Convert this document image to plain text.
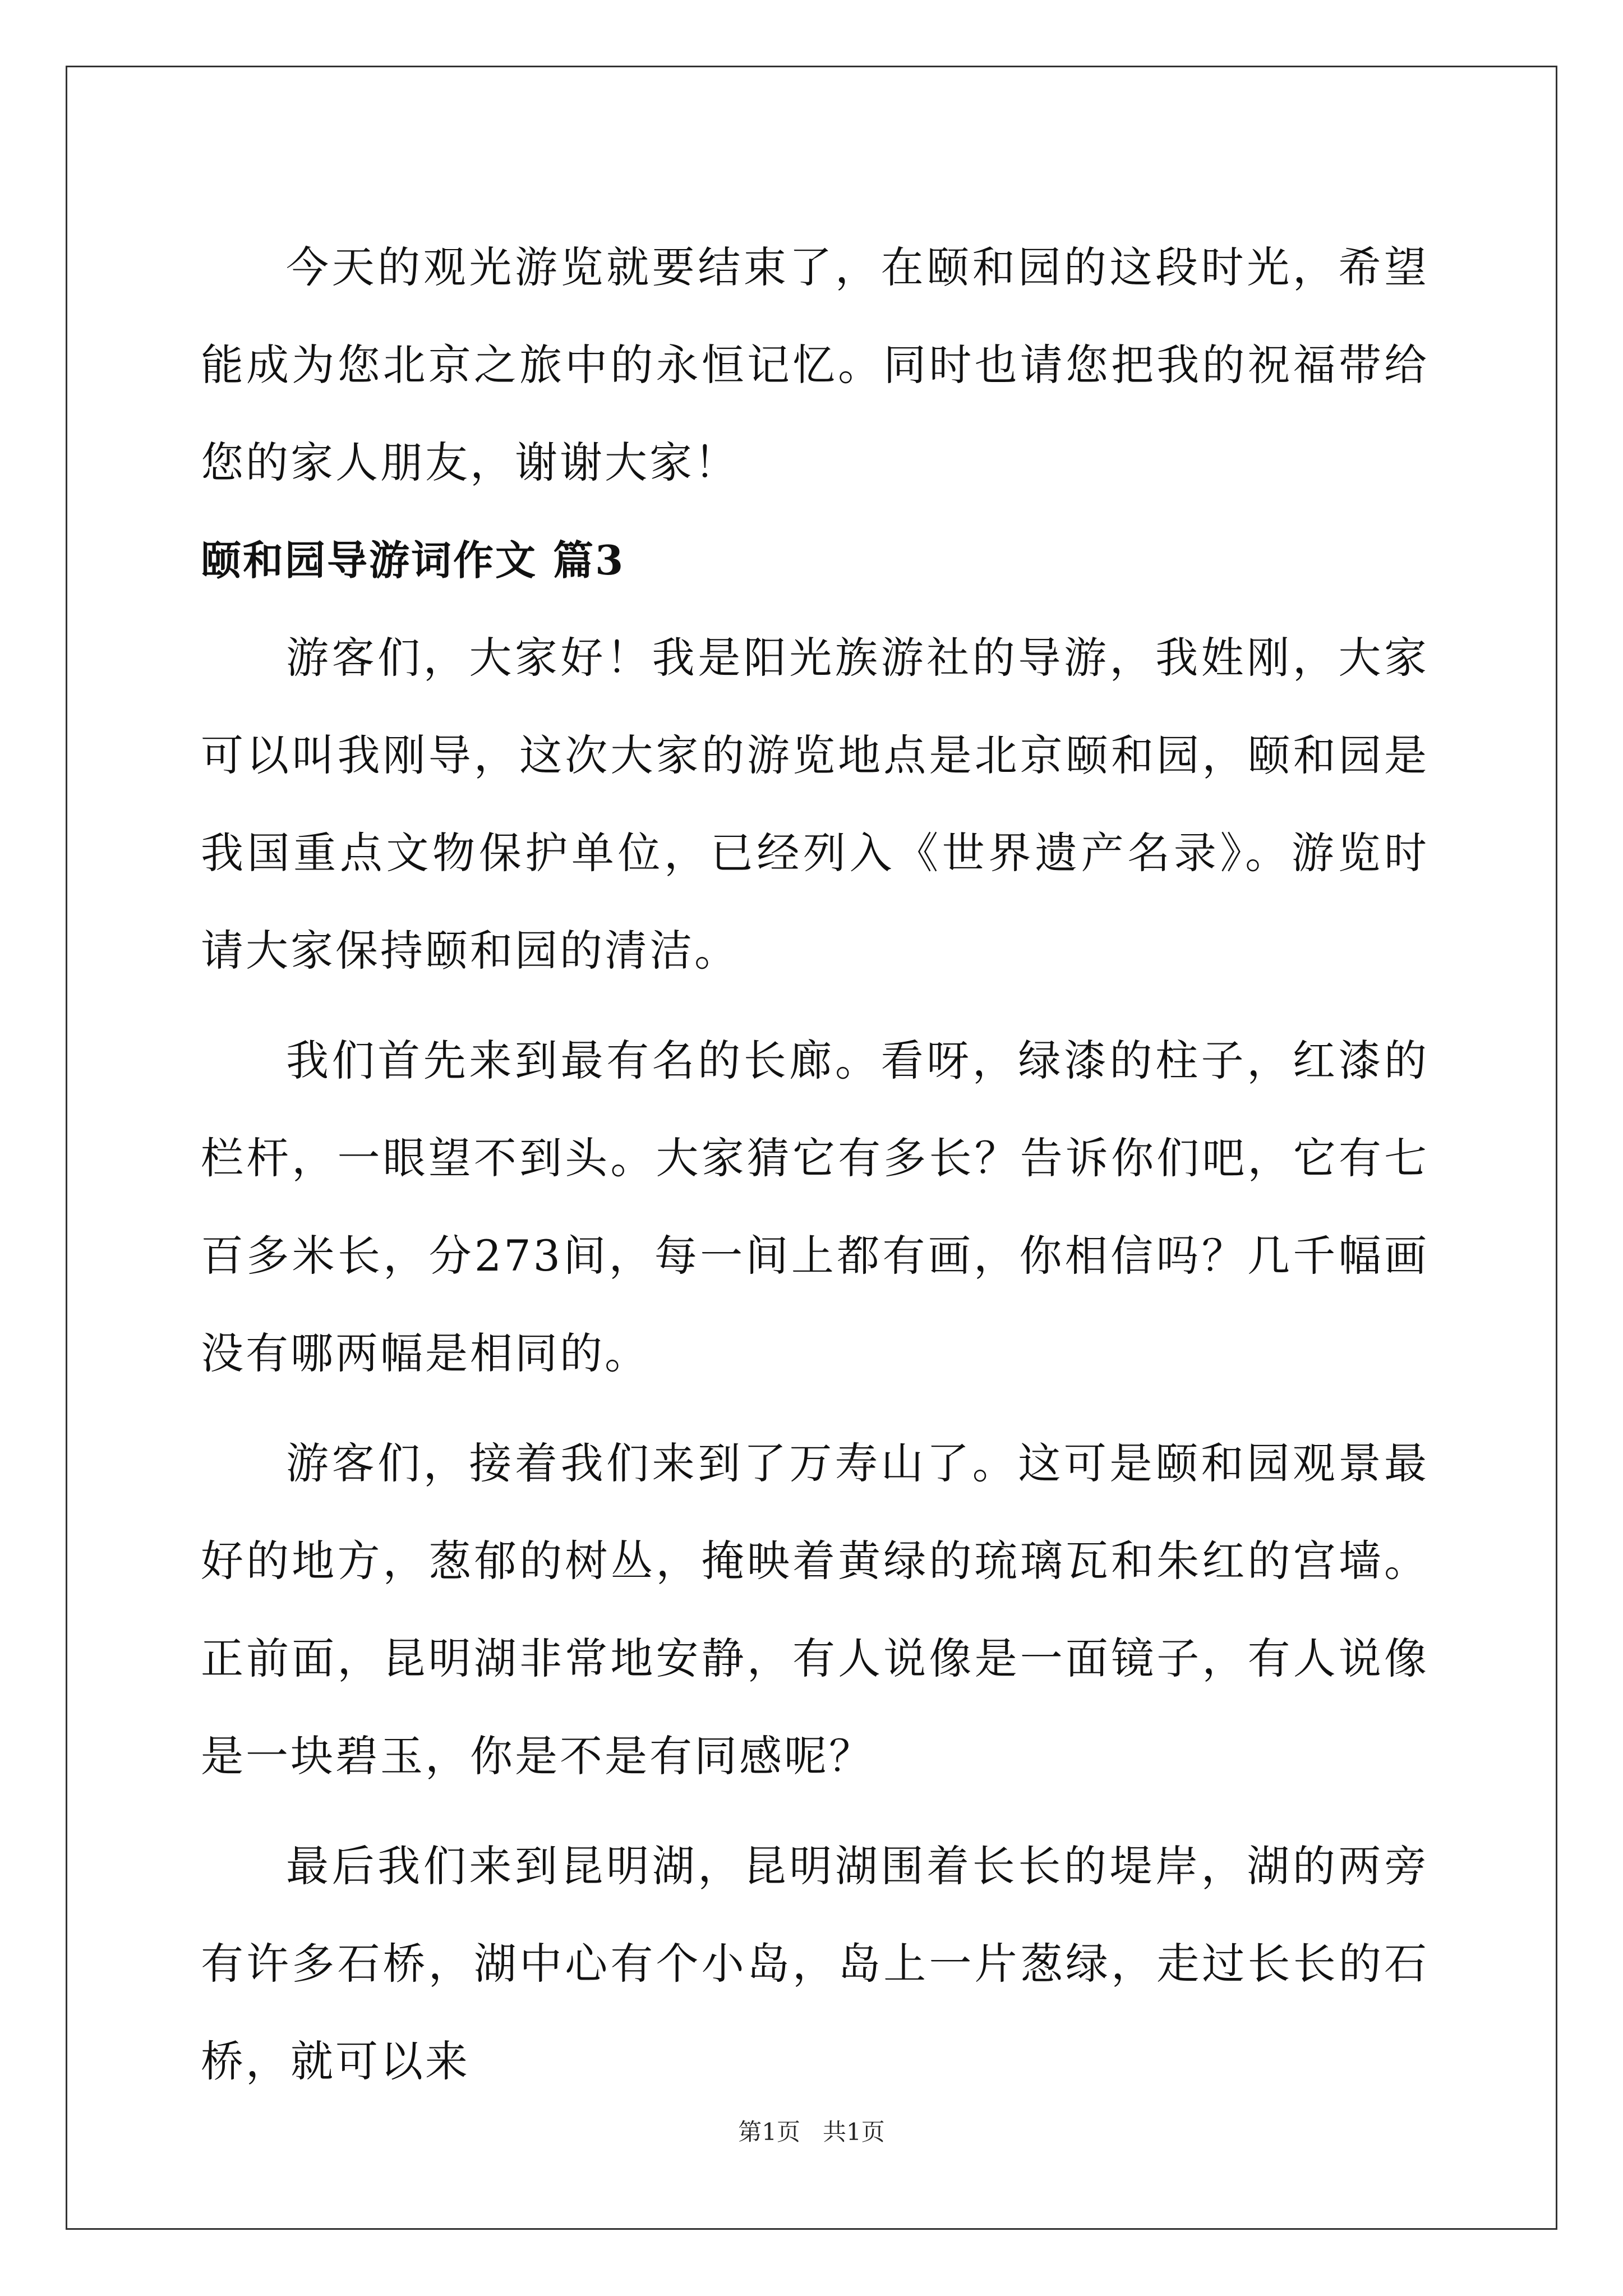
今天的观光游览就要结束了，在颐和园的这段时光，希望能成为您北京之旅中的永恒记忆。同时也请您把我的祝福带给您的家人朋友，谢谢大家！

颐和园导游词作文 篇3

游客们，大家好！我是阳光族游社的导游，我姓刚，大家可以叫我刚导，这次大家的游览地点是北京颐和园，颐和园是我国重点文物保护单位，已经列入《世界遗产名录》。游览时请大家保持颐和园的清洁。

我们首先来到最有名的长廊。看呀，绿漆的柱子，红漆的栏杆，一眼望不到头。大家猜它有多长？告诉你们吧，它有七百多米长，分273间，每一间上都有画，你相信吗？几千幅画没有哪两幅是相同的。

游客们，接着我们来到了万寿山了。这可是颐和园观景最好的地方，葱郁的树丛，掩映着黄绿的琉璃瓦和朱红的宫墙。正前面，昆明湖非常地安静，有人说像是一面镜子，有人说像是一块碧玉，你是不是有同感呢？

最后我们来到昆明湖，昆明湖围着长长的堤岸，湖的两旁有许多石桥，湖中心有个小岛，岛上一片葱绿，走过长长的石桥，就可以来

第1页   共1页
